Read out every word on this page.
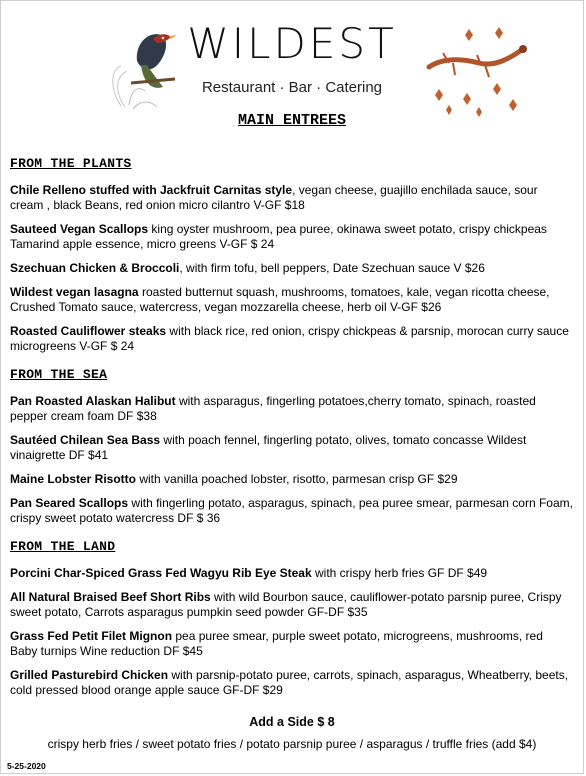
WILDEST
Restaurant · Bar · Catering
MAIN ENTREES
FROM THE PLANTS
Chile Relleno stuffed with Jackfruit Carnitas style, vegan cheese, guajillo enchilada sauce, sour cream , black Beans, red onion micro cilantro V-GF $18
Sauteed Vegan Scallops king oyster mushroom, pea puree, okinawa sweet potato, crispy chickpeas Tamarind apple essence, micro greens V-GF $ 24
Szechuan Chicken & Broccoli, with firm tofu, bell peppers, Date Szechuan sauce V $26
Wildest vegan lasagna roasted butternut squash, mushrooms, tomatoes, kale, vegan ricotta cheese, Crushed Tomato sauce, watercress, vegan mozzarella cheese, herb oil V-GF $26
Roasted Cauliflower steaks with black rice, red onion, crispy chickpeas & parsnip, morocan curry sauce microgreens V-GF $ 24
FROM THE SEA
Pan Roasted Alaskan Halibut with asparagus, fingerling potatoes,cherry tomato, spinach, roasted pepper cream foam DF $38
Sautéed Chilean Sea Bass with poach fennel, fingerling potato, olives, tomato concasse Wildest vinaigrette DF $41
Maine Lobster Risotto with vanilla poached lobster, risotto, parmesan crisp GF $29
Pan Seared Scallops with fingerling potato, asparagus, spinach, pea puree smear, parmesan corn Foam, crispy sweet potato watercress DF $ 36
FROM THE LAND
Porcini Char-Spiced Grass Fed Wagyu Rib Eye Steak with crispy herb fries GF DF $49
All Natural Braised Beef Short Ribs with wild Bourbon sauce, cauliflower-potato parsnip puree, Crispy sweet potato, Carrots asparagus pumpkin seed powder GF-DF $35
Grass Fed Petit Filet Mignon pea puree smear, purple sweet potato, microgreens, mushrooms, red Baby turnips Wine reduction DF $45
Grilled Pasturebird Chicken with parsnip-potato puree, carrots, spinach, asparagus, Wheatberry, beets, cold pressed blood orange apple sauce GF-DF $29
Add a Side $ 8
crispy herb fries / sweet potato fries / potato parsnip puree / asparagus / truffle fries (add $4)
5-25-2020
